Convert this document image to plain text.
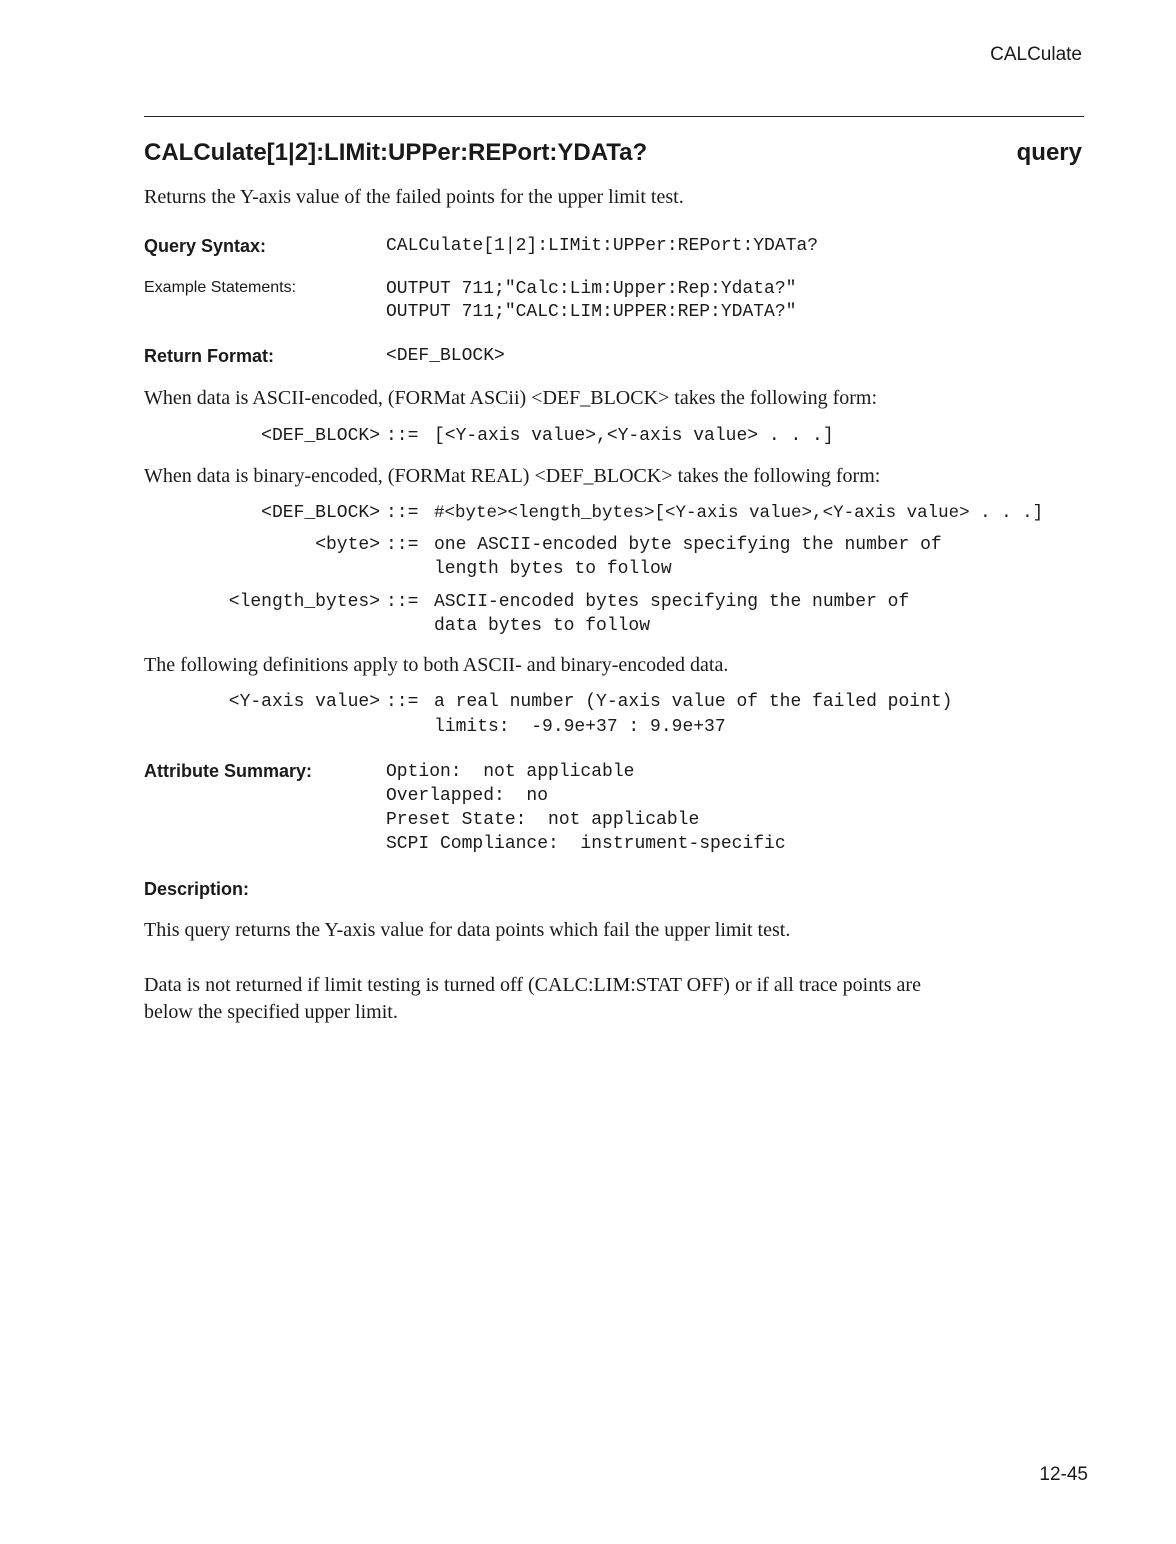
CALCulate
CALCulate[1|2]:LIMit:UPPer:REPort:YDATa?	query
Returns the Y-axis value of the failed points for the upper limit test.
Query Syntax:	CALCulate[1|2]:LIMit:UPPer:REPort:YDATa?
Example Statements:	OUTPUT 711;"Calc:Lim:Upper:Rep:Ydata?"
OUTPUT 711;"CALC:LIM:UPPER:REP:YDATA?"
Return Format:	<DEF_BLOCK>
When data is ASCII-encoded, (FORMat ASCii) <DEF_BLOCK> takes the following form:
<DEF_BLOCK> ::= [<Y-axis value>,<Y-axis value> . . .]
When data is binary-encoded, (FORMat REAL) <DEF_BLOCK> takes the following form:
<DEF_BLOCK> ::= #<byte><length_bytes>[<Y-axis value>,<Y-axis value> . . .]
<byte> ::= one ASCII-encoded byte specifying the number of
length bytes to follow
<length_bytes> ::= ASCII-encoded bytes specifying the number of
data bytes to follow
The following definitions apply to both ASCII- and binary-encoded data.
<Y-axis value> ::= a real number (Y-axis value of the failed point)
limits:  -9.9e+37 : 9.9e+37
Attribute Summary:	Option:  not applicable
Overlapped:  no
Preset State:  not applicable
SCPI Compliance:  instrument-specific
Description:
This query returns the Y-axis value for data points which fail the upper limit test.
Data is not returned if limit testing is turned off (CALC:LIM:STAT OFF) or if all trace points are
below the specified upper limit.
12-45
